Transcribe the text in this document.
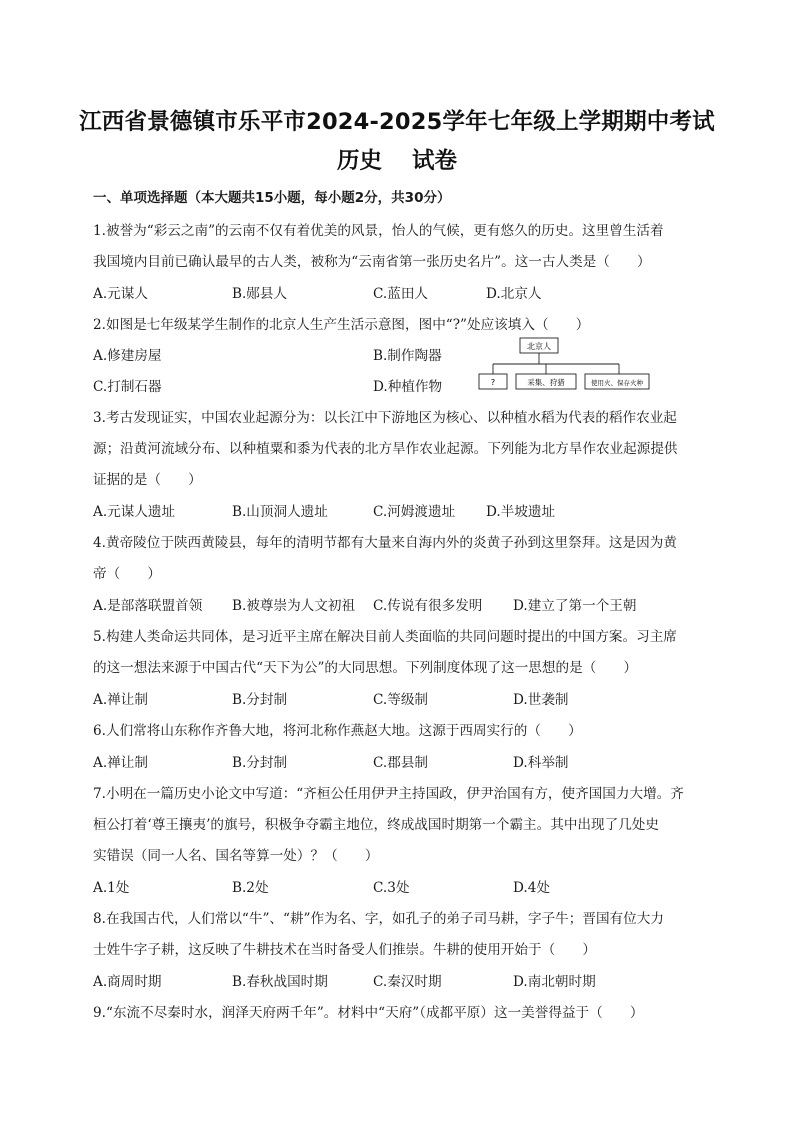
江西省景德镇市乐平市2024-2025学年七年级上学期期中考试
历史 试卷
一、单项选择题（本大题共15小题，每小题2分，共30分）
1.被誉为“彩云之南”的云南不仅有着优美的风景，怡人的气候，更有悠久的历史。这里曾生活着
我国境内目前已确认最早的古人类，被称为“云南省第一张历史名片”。这一古人类是（　　）
A.元谋人	B.郧县人	C.蓝田人	D.北京人
2.如图是七年级某学生制作的北京人生产生活示意图，图中“?”处应该填入（　　）
A.修建房屋	B.制作陶器
C.打制石器	D.种植作物
北京人
?	采集、狩猎	使用火、保存火种
3.考古发现证实，中国农业起源分为：以长江中下游地区为核心、以种植水稻为代表的稻作农业起
源；沿黄河流域分布、以种植粟和黍为代表的北方旱作农业起源。下列能为北方旱作农业起源提供
证据的是（　　）
A.元谋人遗址	B.山顶洞人遗址	C.河姆渡遗址 D.半坡遗址
4.黄帝陵位于陕西黄陵县，每年的清明节都有大量来自海内外的炎黄子孙到这里祭拜。这是因为黄
帝（　　）
A.是部落联盟首领 B.被尊崇为人文初祖 C.传说有很多发明 D.建立了第一个王朝
5.构建人类命运共同体，是习近平主席在解决目前人类面临的共同问题时提出的中国方案。习主席
的这一想法来源于中国古代“天下为公”的大同思想。下列制度体现了这一思想的是（　　）
A.禅让制	B.分封制	C.等级制	D.世袭制
6.人们常将山东称作齐鲁大地，将河北称作燕赵大地。这源于西周实行的（　　）
A.禅让制	B.分封制	C.郡县制	D.科举制
7.小明在一篇历史小论文中写道：“齐桓公任用伊尹主持国政，伊尹治国有方，使齐国国力大增。齐
桓公打着‘尊王攘夷’的旗号，积极争夺霸主地位，终成战国时期第一个霸主。其中出现了几处史
实错误（同一人名、国名等算一处）？（　　）
A.1处	B.2处	C.3处	D.4处
8.在我国古代，人们常以“牛”、“耕”作为名、字，如孔子的弟子司马耕，字子牛；晋国有位大力
士姓牛字子耕，这反映了牛耕技术在当时备受人们推崇。牛耕的使用开始于（　　）
A.商周时期	B.春秋战国时期	C.秦汉时期	D.南北朝时期
9.“东流不尽秦时水，润泽天府两千年”。材料中“天府”（成都平原）这一美誉得益于（　　）
